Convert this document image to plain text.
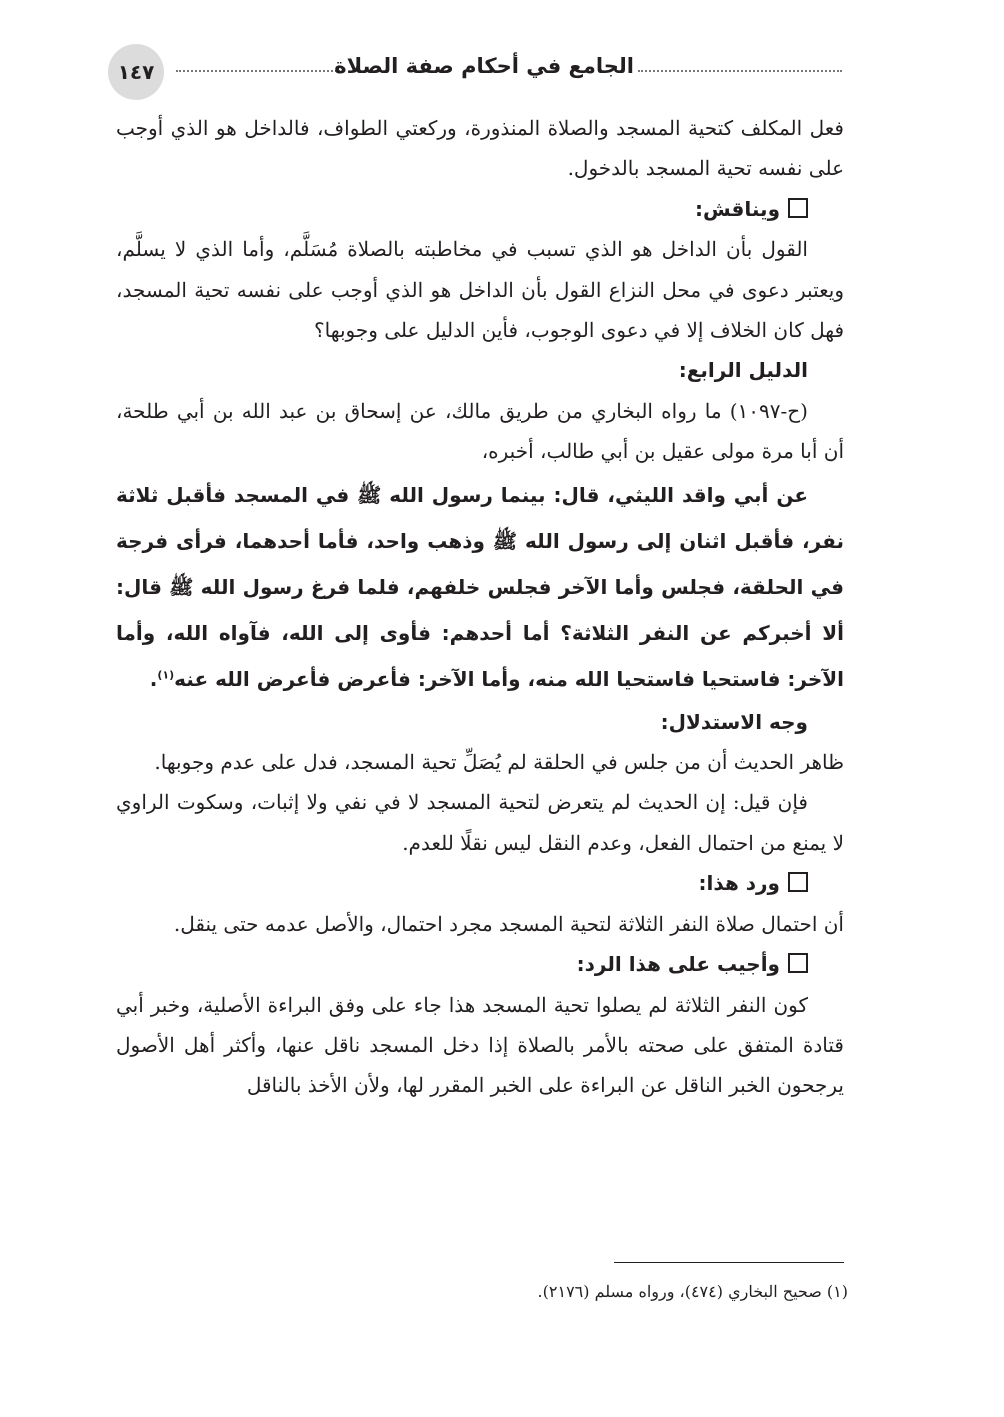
١٤٧	الجامع في أحكام صفة الصلاة

فعل المكلف كتحية المسجد والصلاة المنذورة، وركعتي الطواف، فالداخل هو الذي أوجب على نفسه تحية المسجد بالدخول.

ويناقش:

القول بأن الداخل هو الذي تسبب في مخاطبته بالصلاة مُسَلَّم، وأما الذي لا يسلَّم، ويعتبر دعوى في محل النزاع القول بأن الداخل هو الذي أوجب على نفسه تحية المسجد، فهل كان الخلاف إلا في دعوى الوجوب، فأين الدليل على وجوبها؟

الدليل الرابع:

(ح-١٠٩٧) ما رواه البخاري من طريق مالك، عن إسحاق بن عبد الله بن أبي طلحة، أن أبا مرة مولى عقيل بن أبي طالب، أخبره،

عن أبي واقد الليثي، قال: بينما رسول الله ﷺ في المسجد فأقبل ثلاثة نفر، فأقبل اثنان إلى رسول الله ﷺ وذهب واحد، فأما أحدهما، فرأى فرجة في الحلقة، فجلس وأما الآخر فجلس خلفهم، فلما فرغ رسول الله ﷺ قال: ألا أخبركم عن النفر الثلاثة؟ أما أحدهم: فأوى إلى الله، فآواه الله، وأما الآخر: فاستحيا فاستحيا الله منه، وأما الآخر: فأعرض فأعرض الله عنه$^{(١)}$.

وجه الاستدلال:

ظاهر الحديث أن من جلس في الحلقة لم يُصَلِّ تحية المسجد، فدل على عدم وجوبها.

فإن قيل: إن الحديث لم يتعرض لتحية المسجد لا في نفي ولا إثبات، وسكوت الراوي لا يمنع من احتمال الفعل، وعدم النقل ليس نقلًا للعدم.

ورد هذا:

أن احتمال صلاة النفر الثلاثة لتحية المسجد مجرد احتمال، والأصل عدمه حتى ينقل.

وأجيب على هذا الرد:

كون النفر الثلاثة لم يصلوا تحية المسجد هذا جاء على وفق البراءة الأصلية، وخبر أبي قتادة المتفق على صحته بالأمر بالصلاة إذا دخل المسجد ناقل عنها، وأكثر أهل الأصول يرجحون الخبر الناقل عن البراءة على الخبر المقرر لها، ولأن الأخذ بالناقل

(١) صحيح البخاري (٤٧٤)، ورواه مسلم (٢١٧٦).
